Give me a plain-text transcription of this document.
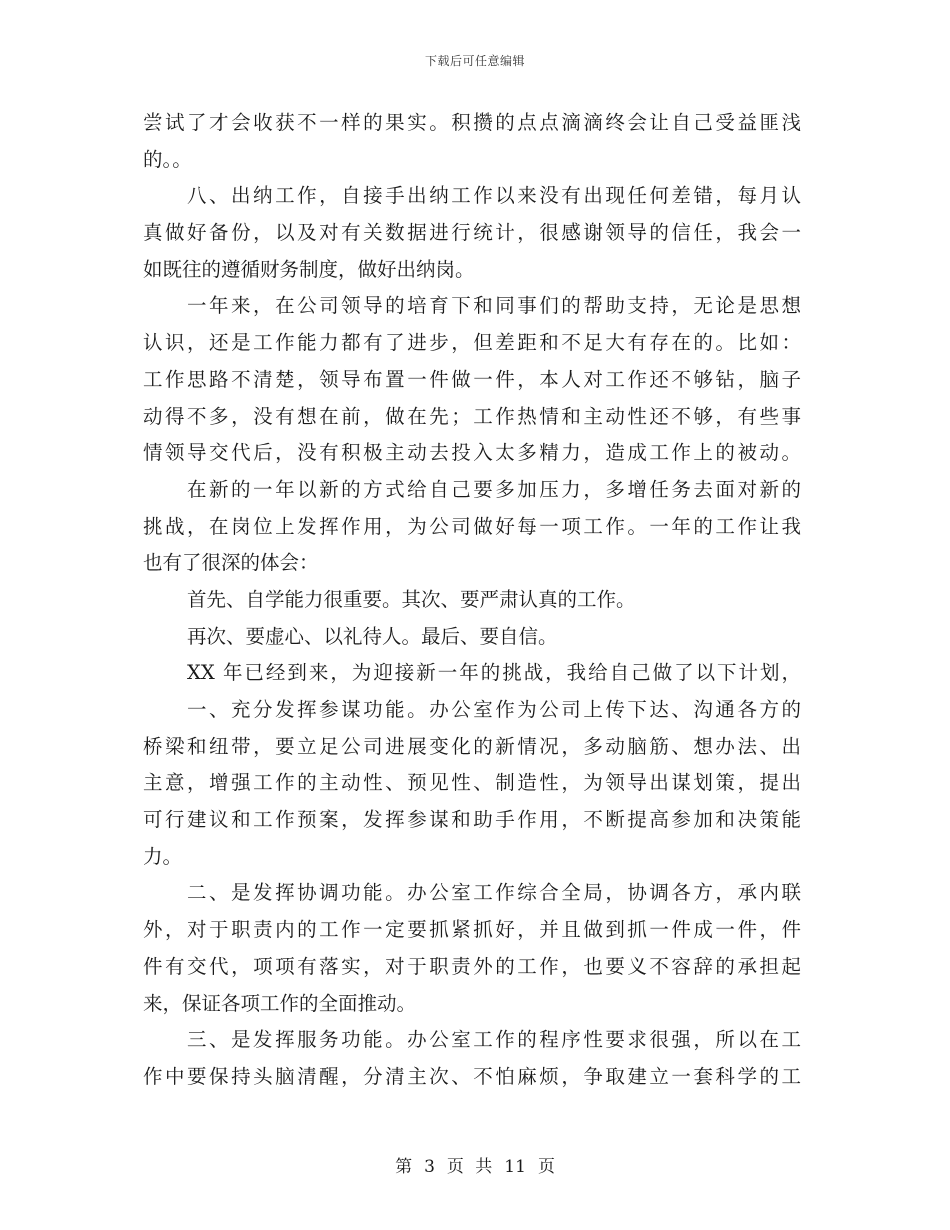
下载后可任意编辑
尝试了才会收获不一样的果实。积攒的点点滴滴终会让自己受益匪浅
的。。
八、出纳工作，自接手出纳工作以来没有出现任何差错，每月认
真做好备份，以及对有关数据进行统计，很感谢领导的信任，我会一
如既往的遵循财务制度，做好出纳岗。
一年来，在公司领导的培育下和同事们的帮助支持，无论是思想
认识，还是工作能力都有了进步，但差距和不足大有存在的。比如：
工作思路不清楚，领导布置一件做一件，本人对工作还不够钻，脑子
动得不多，没有想在前，做在先；工作热情和主动性还不够，有些事
情领导交代后，没有积极主动去投入太多精力，造成工作上的被动。
在新的一年以新的方式给自己要多加压力，多增任务去面对新的
挑战，在岗位上发挥作用，为公司做好每一项工作。一年的工作让我
也有了很深的体会：
首先、自学能力很重要。其次、要严肃认真的工作。
再次、要虚心、以礼待人。最后、要自信。
XX 年已经到来，为迎接新一年的挑战，我给自己做了以下计划，
一、充分发挥参谋功能。办公室作为公司上传下达、沟通各方的
桥梁和纽带，要立足公司进展变化的新情况，多动脑筋、想办法、出
主意，增强工作的主动性、预见性、制造性，为领导出谋划策，提出
可行建议和工作预案，发挥参谋和助手作用，不断提高参加和决策能
力。
二、是发挥协调功能。办公室工作综合全局，协调各方，承内联
外，对于职责内的工作一定要抓紧抓好，并且做到抓一件成一件，件
件有交代，项项有落实，对于职责外的工作，也要义不容辞的承担起
来，保证各项工作的全面推动。
三、是发挥服务功能。办公室工作的程序性要求很强，所以在工
作中要保持头脑清醒，分清主次、不怕麻烦，争取建立一套科学的工
第 3 页 共 11 页
